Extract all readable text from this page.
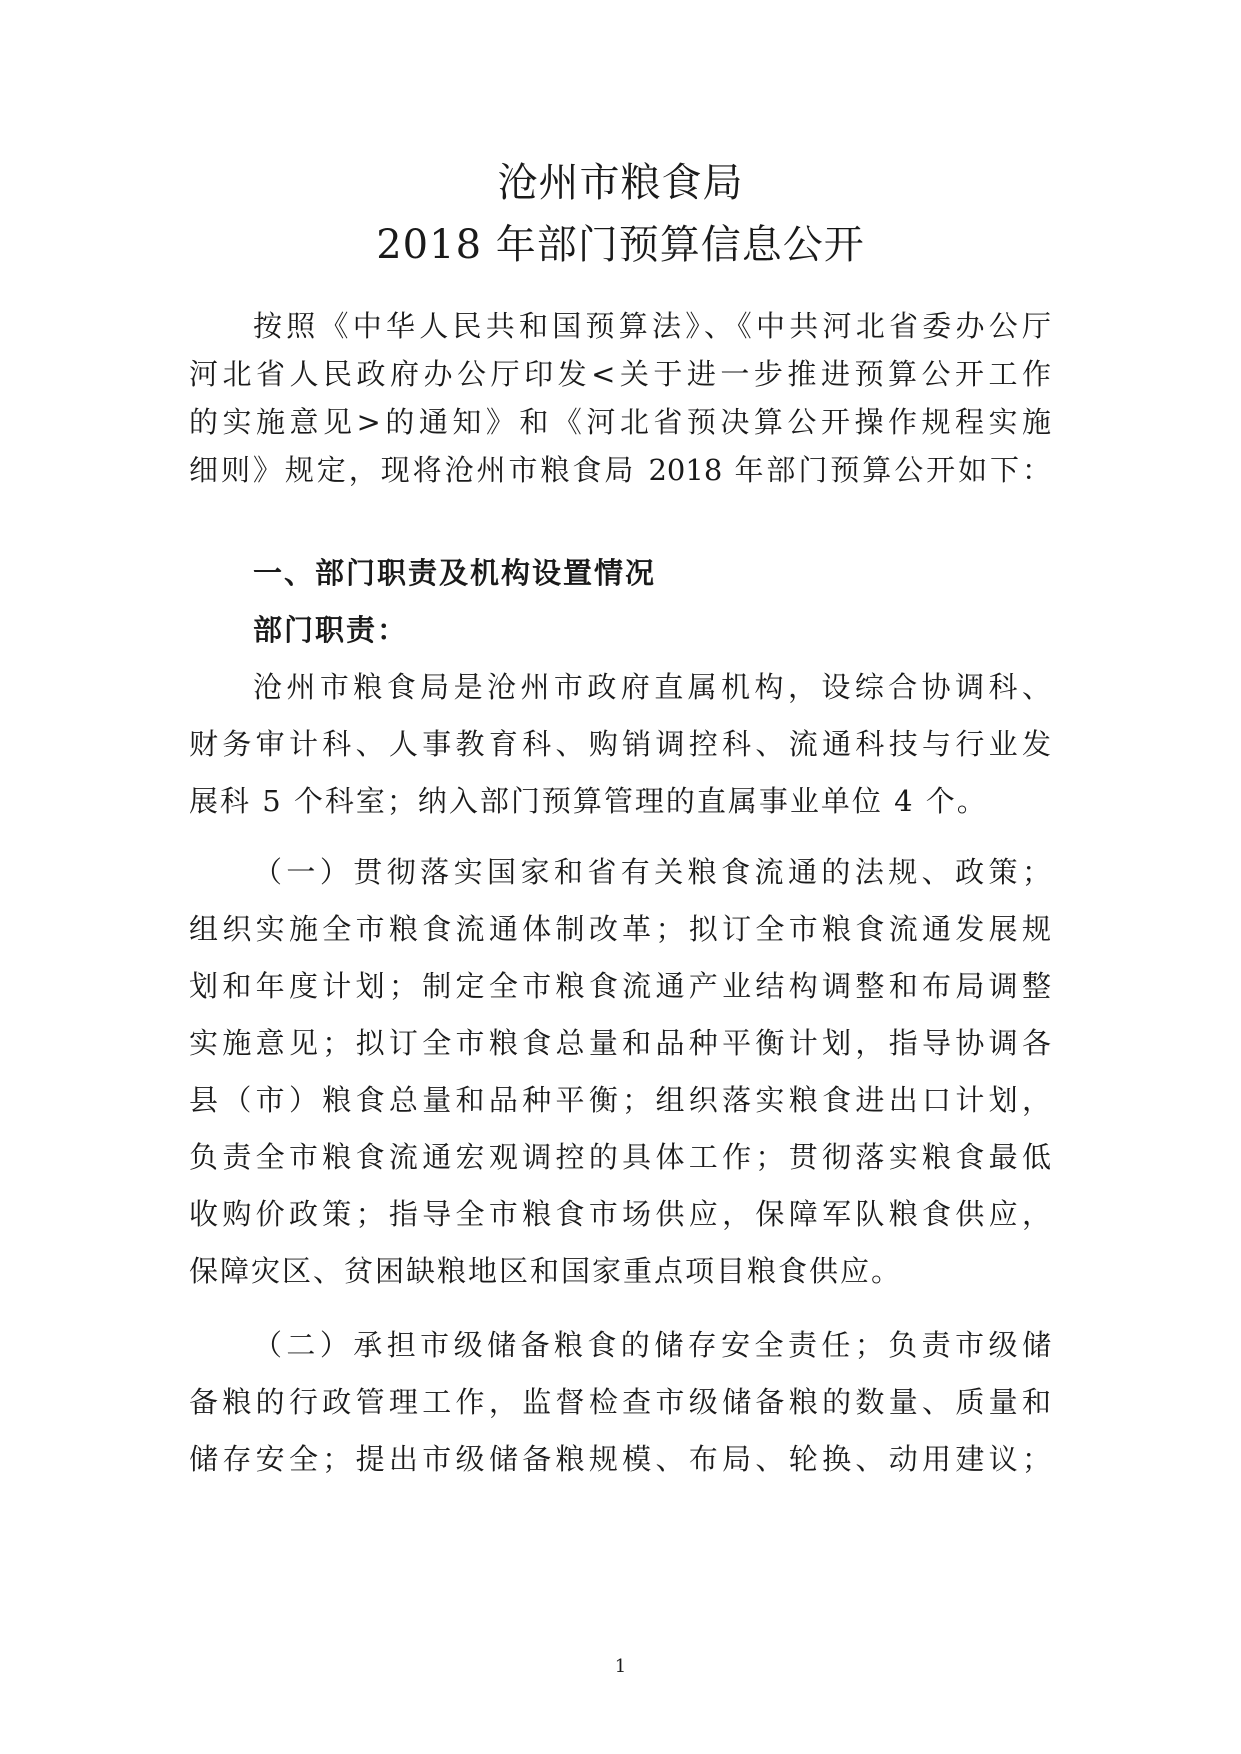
沧州市粮食局
2018 年部门预算信息公开
按照《中华人民共和国预算法》、《中共河北省委办公厅
河北省人民政府办公厅印发<关于进一步推进预算公开工作
的实施意见>的通知》和《河北省预决算公开操作规程实施
细则》规定，现将沧州市粮食局 2018 年部门预算公开如下：
一、部门职责及机构设置情况
部门职责：
沧州市粮食局是沧州市政府直属机构，设综合协调科、
财务审计科、人事教育科、购销调控科、流通科技与行业发
展科 5 个科室；纳入部门预算管理的直属事业单位 4 个。
（一）贯彻落实国家和省有关粮食流通的法规、政策；
组织实施全市粮食流通体制改革；拟订全市粮食流通发展规
划和年度计划；制定全市粮食流通产业结构调整和布局调整
实施意见；拟订全市粮食总量和品种平衡计划，指导协调各
县（市）粮食总量和品种平衡；组织落实粮食进出口计划，
负责全市粮食流通宏观调控的具体工作；贯彻落实粮食最低
收购价政策；指导全市粮食市场供应，保障军队粮食供应，
保障灾区、贫困缺粮地区和国家重点项目粮食供应。
（二）承担市级储备粮食的储存安全责任；负责市级储
备粮的行政管理工作，监督检查市级储备粮的数量、质量和
储存安全；提出市级储备粮规模、布局、轮换、动用建议；
1
